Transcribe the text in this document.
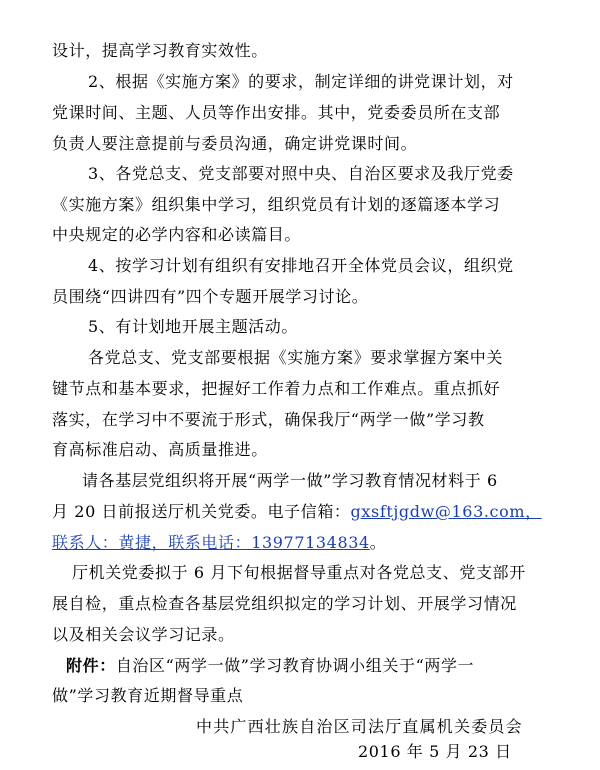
设计，提高学习教育实效性。
2、根据《实施方案》的要求，制定详细的讲党课计划，对
党课时间、主题、人员等作出安排。其中，党委委员所在支部
负责人要注意提前与委员沟通，确定讲党课时间。
3、各党总支、党支部要对照中央、自治区要求及我厅党委
《实施方案》组织集中学习，组织党员有计划的逐篇逐本学习
中央规定的必学内容和必读篇目。
4、按学习计划有组织有安排地召开全体党员会议，组织党
员围绕“四讲四有”四个专题开展学习讨论。
5、有计划地开展主题活动。
各党总支、党支部要根据《实施方案》要求掌握方案中关
键节点和基本要求，把握好工作着力点和工作难点。重点抓好
落实，在学习中不要流于形式，确保我厅“两学一做”学习教
育高标准启动、高质量推进。
请各基层党组织将开展“两学一做”学习教育情况材料于 6
月 20 日前报送厅机关党委。电子信箱：gxsftjgdw@163.com，
联系人：黄捷，联系电话：13977134834。
厅机关党委拟于 6 月下旬根据督导重点对各党总支、党支部开
展自检，重点检查各基层党组织拟定的学习计划、开展学习情况
以及相关会议学习记录。
附件：自治区“两学一做”学习教育协调小组关于“两学一
做”学习教育近期督导重点
中共广西壮族自治区司法厅直属机关委员会
2016 年 5 月 23 日
